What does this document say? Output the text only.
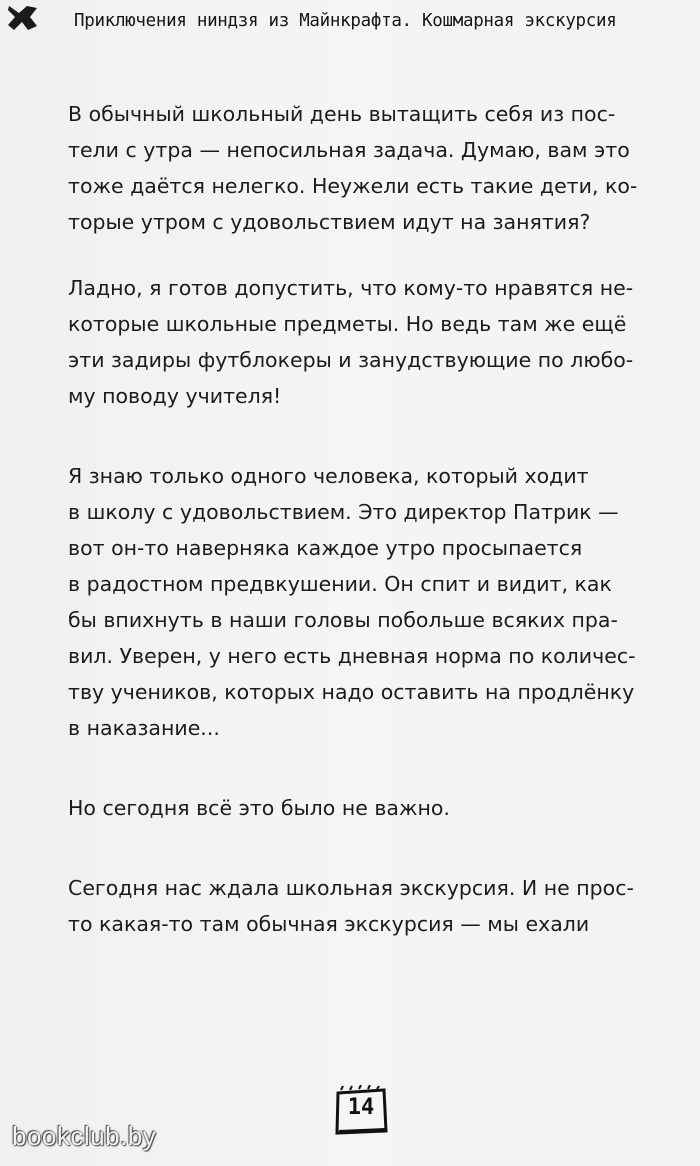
Приключения ниндзя из Майнкрафта. Кошмарная экскурсия

В обычный школьный день вытащить себя из пос-
тели с утра — непосильная задача. Думаю, вам это
тоже даётся нелегко. Неужели есть такие дети, ко-
торые утром с удовольствием идут на занятия?

Ладно, я готов допустить, что кому-то нравятся не-
которые школьные предметы. Но ведь там же ещё
эти задиры футблокеры и занудствующие по любо-
му поводу учителя!

Я знаю только одного человека, который ходит
в школу с удовольствием. Это директор Патрик —
вот он-то наверняка каждое утро просыпается
в радостном предвкушении. Он спит и видит, как
бы впихнуть в наши головы побольше всяких пра-
вил. Уверен, у него есть дневная норма по количес-
тву учеников, которых надо оставить на продлёнку
в наказание...

Но сегодня всё это было не важно.

Сегодня нас ждала школьная экскурсия. И не прос-
то какая-то там обычная экскурсия — мы ехали

14
bookclub.by
